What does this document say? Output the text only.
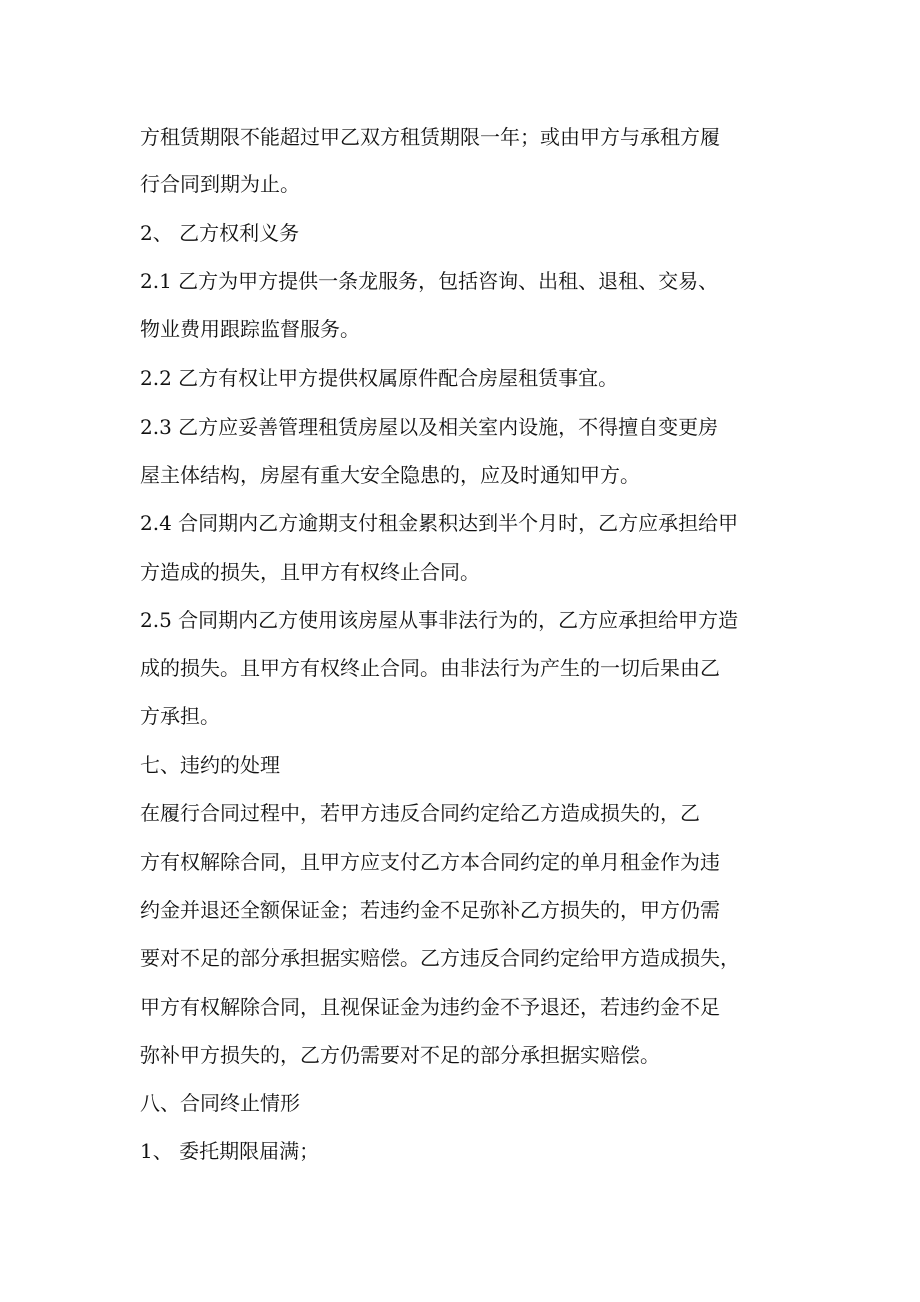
方租赁期限不能超过甲乙双方租赁期限一年；或由甲方与承租方履
行合同到期为止。
2、 乙方权利义务
2.1 乙方为甲方提供一条龙服务，包括咨询、出租、退租、交易、
物业费用跟踪监督服务。
2.2 乙方有权让甲方提供权属原件配合房屋租赁事宜。
2.3 乙方应妥善管理租赁房屋以及相关室内设施，不得擅自变更房
屋主体结构，房屋有重大安全隐患的，应及时通知甲方。
2.4 合同期内乙方逾期支付租金累积达到半个月时，乙方应承担给甲
方造成的损失，且甲方有权终止合同。
2.5 合同期内乙方使用该房屋从事非法行为的，乙方应承担给甲方造
成的损失。且甲方有权终止合同。由非法行为产生的一切后果由乙
方承担。
七、违约的处理
在履行合同过程中，若甲方违反合同约定给乙方造成损失的，乙
方有权解除合同，且甲方应支付乙方本合同约定的单月租金作为违
约金并退还全额保证金；若违约金不足弥补乙方损失的，甲方仍需
要对不足的部分承担据实赔偿。乙方违反合同约定给甲方造成损失，
甲方有权解除合同，且视保证金为违约金不予退还，若违约金不足
弥补甲方损失的，乙方仍需要对不足的部分承担据实赔偿。
八、合同终止情形
1、 委托期限届满；
